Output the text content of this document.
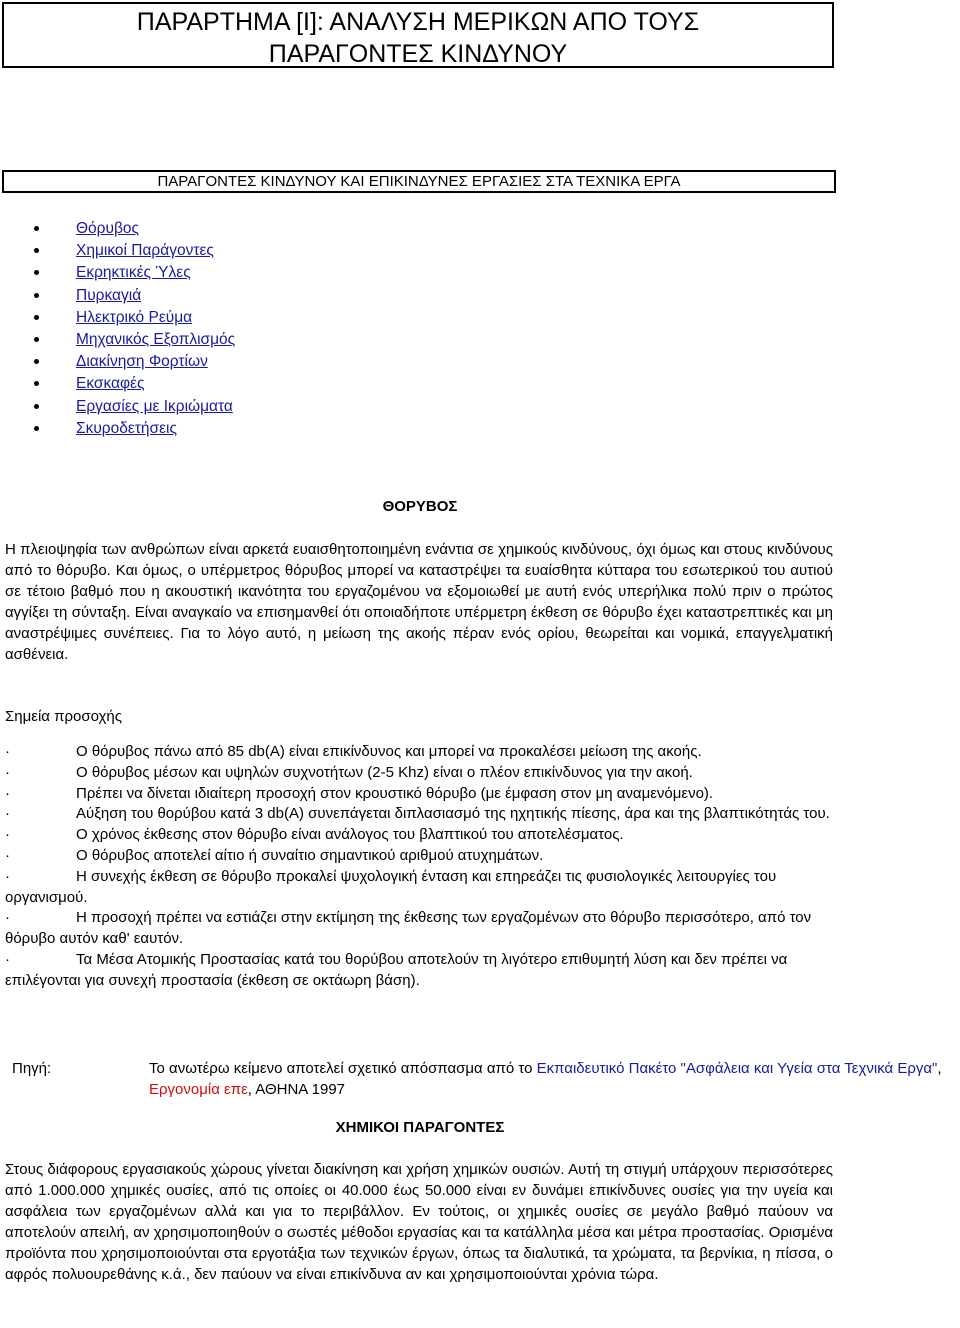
ΠΑΡΑΡΤΗΜΑ [Ι]: ΑΝΑΛΥΣΗ ΜΕΡΙΚΩΝ ΑΠΟ ΤΟΥΣ
ΠΑΡΑΓΟΝΤΕΣ ΚΙΝΔΥΝΟΥ
ΠΑΡΑΓΟΝΤΕΣ ΚΙΝΔΥΝΟΥ ΚΑΙ ΕΠΙΚΙΝΔΥΝΕΣ ΕΡΓΑΣΙΕΣ ΣΤΑ ΤΕΧΝΙΚΑ ΕΡΓΑ
Θόρυβος
Χημικοί Παράγοντες
Εκρηκτικές Ύλες
Πυρκαγιά
Ηλεκτρικό Ρεύμα
Μηχανικός Εξοπλισμός
Διακίνηση Φορτίων
Εκσκαφές
Εργασίες με Ικριώματα
Σκυροδετήσεις
ΘΟΡΥΒΟΣ
Η πλειοψηφία των ανθρώπων είναι αρκετά ευαισθητοποιημένη ενάντια σε χημικούς κινδύνους, όχι όμως και στους κινδύνους από το θόρυβο. Και όμως, ο υπέρμετρος θόρυβος μπορεί να καταστρέψει τα ευαίσθητα κύτταρα του εσωτερικού του αυτιού σε τέτοιο βαθμό που η ακουστική ικανότητα του εργαζομένου να εξομοιωθεί με αυτή ενός υπερήλικα πολύ πριν ο πρώτος αγγίξει τη σύνταξη. Είναι αναγκαίο να επισημανθεί ότι οποιαδήποτε υπέρμετρη έκθεση σε θόρυβο έχει καταστρεπτικές και μη αναστρέψιμες συνέπειες. Για το λόγο αυτό, η μείωση της ακοής πέραν ενός ορίου, θεωρείται και νομικά, επαγγελματική ασθένεια.
Σημεία προσοχής
·	Ο θόρυβος πάνω από 85 db(A) είναι επικίνδυνος και μπορεί να προκαλέσει μείωση της ακοής.
·	Ο θόρυβος μέσων και υψηλών συχνοτήτων (2-5 Khz) είναι ο πλέον επικίνδυνος για την ακοή.
·	Πρέπει να δίνεται ιδιαίτερη προσοχή στον κρουστικό θόρυβο (με έμφαση στον μη αναμενόμενο).
·	Αύξηση του θορύβου κατά 3 db(A) συνεπάγεται διπλασιασμό της ηχητικής πίεσης, άρα και της βλαπτικότητάς του.
·	Ο χρόνος έκθεσης στον θόρυβο είναι ανάλογος του βλαπτικού του αποτελέσματος.
·	Ο θόρυβος αποτελεί αίτιο ή συναίτιο σημαντικού αριθμού ατυχημάτων.
·	Η συνεχής έκθεση σε θόρυβο προκαλεί ψυχολογική ένταση και επηρεάζει τις φυσιολογικές λειτουργίες του οργανισμού.
·	Η προσοχή πρέπει να εστιάζει στην εκτίμηση της έκθεσης των εργαζομένων στο θόρυβο περισσότερο, από τον θόρυβο αυτόν καθ' εαυτόν.
·	Τα Μέσα Ατομικής Προστασίας κατά του θορύβου αποτελούν τη λιγότερο επιθυμητή λύση και δεν πρέπει να επιλέγονται για συνεχή προστασία (έκθεση σε οκτάωρη βάση).
Πηγή:	Το ανωτέρω κείμενο αποτελεί σχετικό απόσπασμα από το Εκπαιδευτικό Πακέτο "Ασφάλεια και Υγεία στα Τεχνικά Εργα", Εργονομία επε, ΑΘΗΝΑ 1997
ΧΗΜΙΚΟΙ ΠΑΡΑΓΟΝΤΕΣ
Στους διάφορους εργασιακούς χώρους γίνεται διακίνηση και χρήση χημικών ουσιών. Αυτή τη στιγμή υπάρχουν περισσότερες από 1.000.000 χημικές ουσίες, από τις οποίες οι 40.000 έως 50.000 είναι εν δυνάμει επικίνδυνες ουσίες για την υγεία και ασφάλεια των εργαζομένων αλλά και για το περιβάλλον. Εν τούτοις, οι χημικές ουσίες σε μεγάλο βαθμό παύουν να αποτελούν απειλή, αν χρησιμοποιηθούν ο σωστές μέθοδοι εργασίας και τα κατάλληλα μέσα και μέτρα προστασίας. Ορισμένα προϊόντα που χρησιμοποιούνται στα εργοτάξια των τεχνικών έργων, όπως τα διαλυτικά, τα χρώματα, τα βερνίκια, η πίσσα, ο αφρός πολυουρεθάνης κ.ά., δεν παύουν να είναι επικίνδυνα αν και χρησιμοποιούνται χρόνια τώρα.
